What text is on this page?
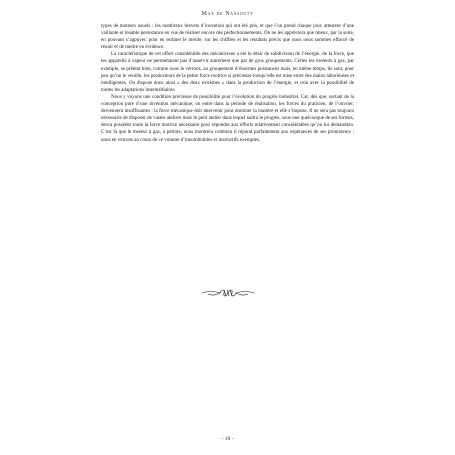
Max de Nansouty

types de moteurs usuels : les nombreux brevets d’invention qui ont été pris, et que l’on prend chaque jour, attestent d’une vaillante et louable persistance en vue de réaliser encore des perfectionnements. On ne les appréciera que mieux, par la suite, en pouvant s’appuyer, pour en estimer le mérite, sur les chiffres et les résultats précis que nous nous sommes efforcé de réunir et de mettre en évidence.

La caractéristique de cet effort considérable des mécaniciens a été le désir de subdivision de l’énergie, de la force, que les appareils à vapeur ne permettaient pas d’asservir autrement que par de gros groupements. Certes les moteurs à gaz, par exemple, se prêtent bien, comme nous le verrons, au groupement d’énormes puissances mais, en même temps, ils sont, pour peu qu’on le veuille, les producteurs de la petite force motrice si précieuse lorsqu’elle est mise entre des mains laborieuses et intelligentes. On dispose donc ainsi « des deux extrêmes » dans la production de l’énergie, et cela avec la possibilité de toutes les adaptations intermédiaires.

Nous y voyons une condition précieuse de possibilité pour l’évolution du progrès industriel. Car, dès que, sortant de la conception pure d’une invention mécanique, on entre dans la période de réalisation, les forces du praticien, de l’ouvrier, deviennent insuffisantes : la force mécanique doit intervenir pour dominer la matière et elle s’impose. Il ne sera pas toujours nécessaire de disposer de vastes ateliers mais le petit atelier dans lequel naîtra le progrès, sous une quelconque de ses formes, devra posséder toute la force motrice nécessaire pour répondre aux efforts relativement considérables qu’on lui demandera. C’est là que le moteur à gaz, à pétrole, nous montrera combien il répond parfaitement aux espérances de ses promoteurs : nous en verrons au cours de ce volume d’innombrables et instructifs exemples.

- 18 -
